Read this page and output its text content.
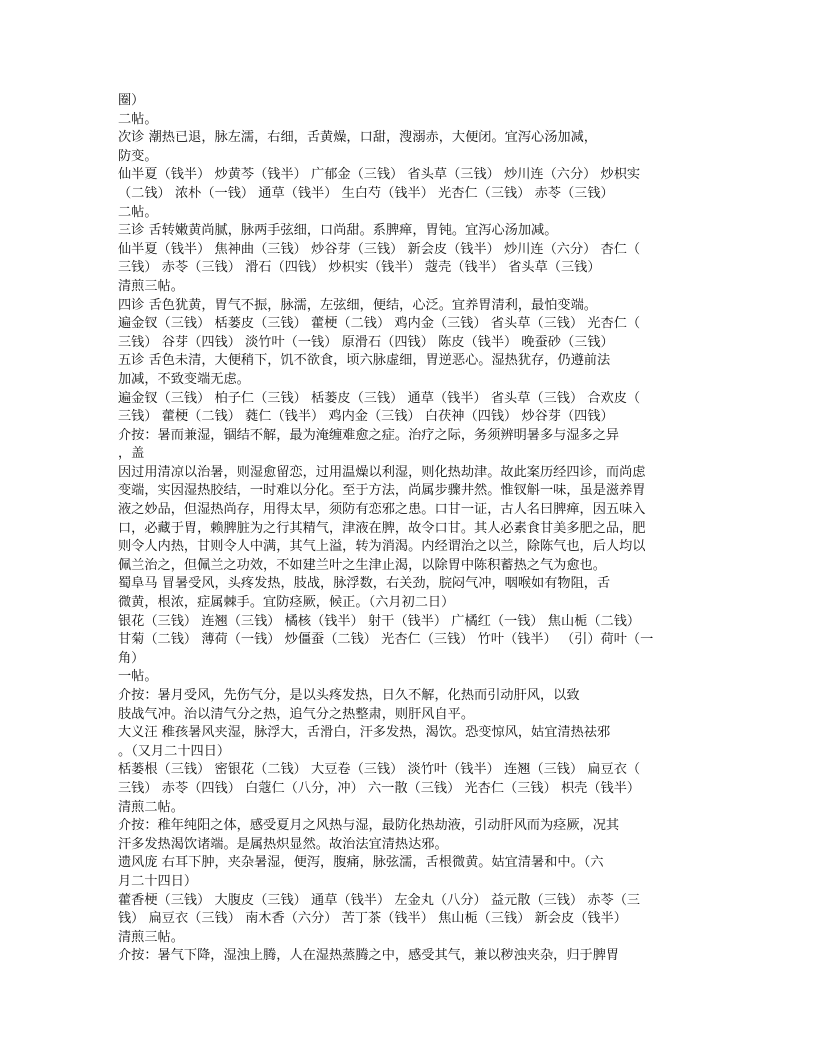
圈）
二帖。
次诊 潮热已退，脉左濡，右细，舌黄燥，口甜，溲溺赤，大便闭。宜泻心汤加减，
防变。
仙半夏（钱半） 炒黄芩（钱半） 广郁金（三钱） 省头草（三钱） 炒川连（六分） 炒枳实
（二钱） 浓朴（一钱） 通草（钱半） 生白芍（钱半） 光杏仁（三钱） 赤苓（三钱）
二帖。
三诊 舌转嫩黄尚腻，脉两手弦细，口尚甜。系脾瘅，胃钝。宜泻心汤加减。
仙半夏（钱半） 焦神曲（三钱） 炒谷芽（三钱） 新会皮（钱半） 炒川连（六分） 杏仁（
三钱） 赤苓（三钱） 滑石（四钱） 炒枳实（钱半） 蔻壳（钱半） 省头草（三钱）
清煎三帖。
四诊 舌色犹黄，胃气不振，脉濡，左弦细，便结，心泛。宜养胃清利，最怕变端。
遍金钗（三钱） 栝蒌皮（三钱） 藿梗（二钱） 鸡内金（三钱） 省头草（三钱） 光杏仁（
三钱） 谷芽（四钱） 淡竹叶（一钱） 原滑石（四钱） 陈皮（钱半） 晚蚕砂（三钱）
五诊 舌色未清，大便稍下，饥不欲食，顷六脉虚细，胃逆恶心。湿热犹存，仍遵前法
加减，不致变端无虑。
遍金钗（三钱） 柏子仁（三钱） 栝蒌皮（三钱） 通草（钱半） 省头草（三钱） 合欢皮（
三钱） 藿梗（二钱） 蕤仁（钱半） 鸡内金（三钱） 白茯神（四钱） 炒谷芽（四钱）
介按：暑而兼湿，锢结不解，最为淹缠难愈之症。治疗之际，务须辨明暑多与湿多之异
，盖
因过用清凉以治暑，则湿愈留恋，过用温燥以利湿，则化热劫津。故此案历经四诊，而尚虑
变端，实因湿热胶结，一时难以分化。至于方法，尚属步骤井然。惟钗斛一味，虽是滋养胃
液之妙品，但湿热尚存，用得太早，须防有恋邪之患。口甘一证，古人名曰脾瘅，因五味入
口，必藏于胃，赖脾脏为之行其精气，津液在脾，故令口甘。其人必素食甘美多肥之品，肥
则令人内热，甘则令人中满，其气上溢，转为消渴。内经谓治之以兰，除陈气也，后人均以
佩兰治之，但佩兰之功效，不如建兰叶之生津止渴，以除胃中陈积蓄热之气为愈也。
蜀阜马 冒暑受风，头疼发热，肢战，脉浮数，右关劲，脘闷气冲，咽喉如有物阻，舌
微黄，根浓，症属棘手。宜防痉厥，候正。（六月初二日）
银花（三钱） 连翘（三钱） 橘核（钱半） 射干（钱半） 广橘红（一钱） 焦山栀（二钱）
甘菊（二钱） 薄荷（一钱） 炒僵蚕（二钱） 光杏仁（三钱） 竹叶（钱半） （引）荷叶（一
角）
一帖。
介按：暑月受风，先伤气分，是以头疼发热，日久不解，化热而引动肝风，以致
肢战气冲。治以清气分之热，追气分之热整肃，则肝风自平。
大义汪 稚孩暑风夹湿，脉浮大，舌滑白，汗多发热，渴饮。恐变惊风，姑宜清热祛邪
。（又月二十四日）
栝蒌根（三钱） 密银花（二钱） 大豆卷（三钱） 淡竹叶（钱半） 连翘（三钱） 扁豆衣（
三钱） 赤苓（四钱） 白蔻仁（八分，冲） 六一散（三钱） 光杏仁（三钱） 枳壳（钱半）
清煎二帖。
介按：稚年纯阳之体，感受夏月之风热与湿，最防化热劫液，引动肝风而为痉厥，况其
汗多发热渴饮诸端。是属热炽显然。故治法宜清热达邪。
遗风庞 右耳下肿，夹杂暑湿，便泻，腹痛，脉弦濡，舌根微黄。姑宜清暑和中。（六
月二十四日）
藿香梗（三钱） 大腹皮（三钱） 通草（钱半） 左金丸（八分） 益元散（三钱） 赤苓（三
钱） 扁豆衣（三钱） 南木香（六分） 苦丁茶（钱半） 焦山栀（三钱） 新会皮（钱半）
清煎三帖。
介按：暑气下降，湿浊上腾，人在湿热蒸腾之中，感受其气，兼以秽浊夹杂，归于脾胃
